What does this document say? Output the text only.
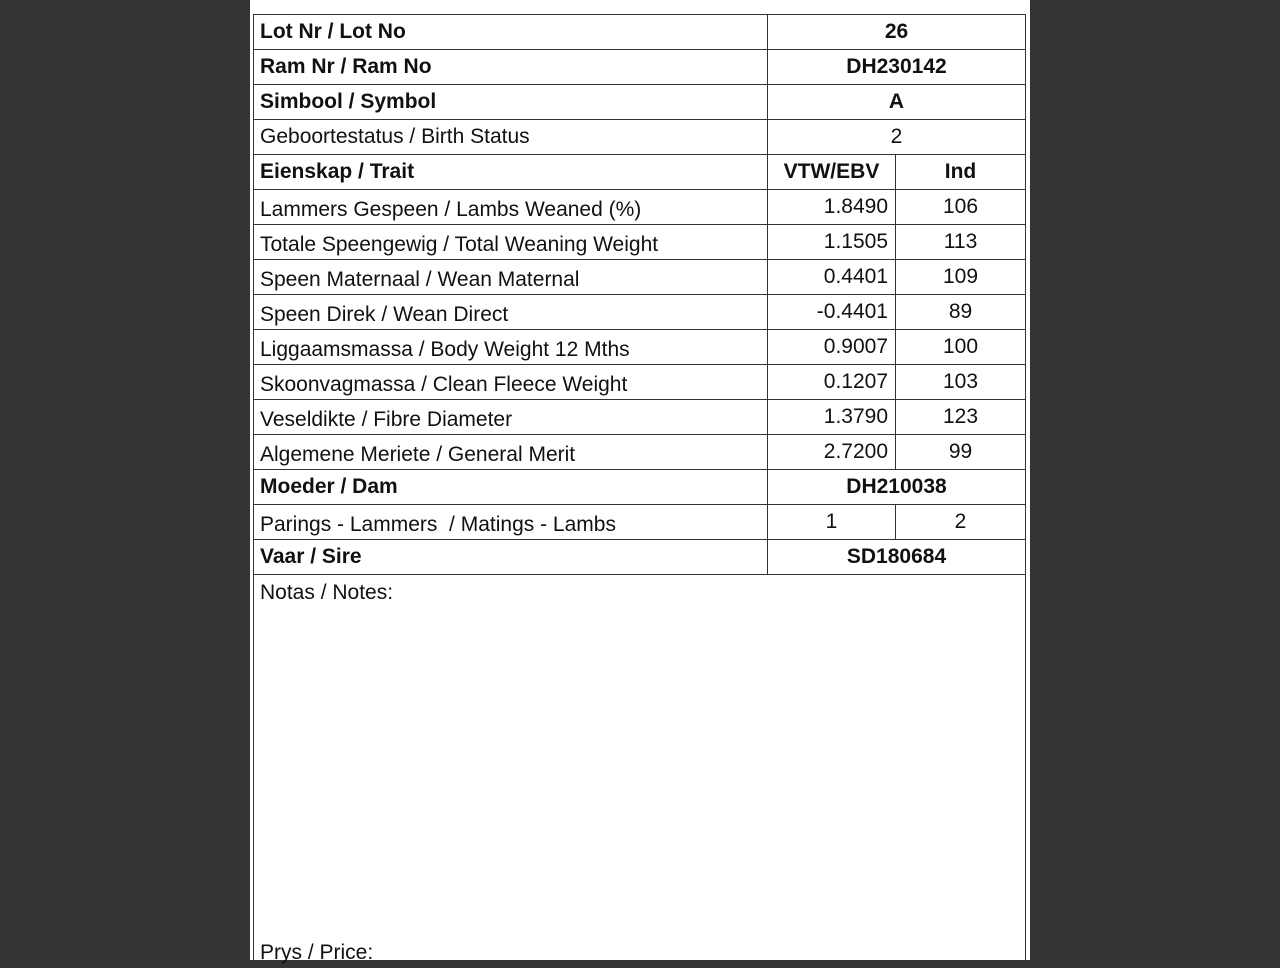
Lot Nr / Lot No	26	
Ram Nr / Ram No	DH230142	
Simbool / Symbol	A	
Geboortestatus / Birth Status	2	
Eienskap / Trait	VTW/EBV	Ind
Lammers Gespeen / Lambs Weaned (%)	1.8490	106
Totale Speengewig / Total Weaning Weight	1.1505	113
Speen Maternaal / Wean Maternal	0.4401	109
Speen Direk / Wean Direct	-0.4401	89
Liggaamsmassa / Body Weight 12 Mths	0.9007	100
Skoonvagmassa / Clean Fleece Weight	0.1207	103
Veseldikte / Fibre Diameter	1.3790	123
Algemene Meriete / General Merit	2.7200	99
Moeder / Dam	DH210038	
Parings - Lammers  / Matings - Lambs	1	2
Vaar / Sire	SD180684	

Notas / Notes:
Prys / Price:		
